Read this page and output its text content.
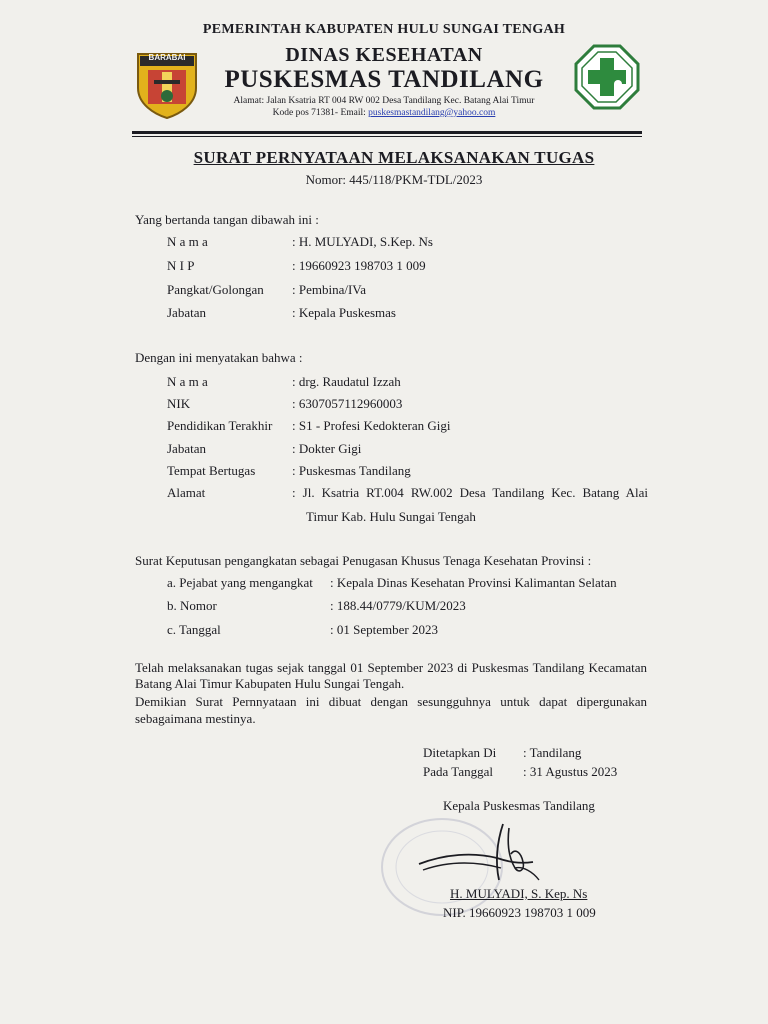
BARABAI
PEMERINTAH KABUPATEN HULU SUNGAI TENGAH
DINAS KESEHATAN
PUSKESMAS TANDILANG
Alamat: Jalan Ksatria RT 004 RW 002 Desa Tandilang Kec. Batang Alai Timur
Kode pos 71381- Email: puskesmastandilang@yahoo.com
SURAT PERNYATAAN MELAKSANAKAN TUGAS
Nomor: 445/118/PKM-TDL/2023
Yang bertanda tangan dibawah ini :
N a m a	: H. MULYADI, S.Kep. Ns
N I P	: 19660923 198703 1 009
Pangkat/Golongan : Pembina/IVa
Jabatan	: Kepala Puskesmas
Dengan ini menyatakan bahwa :
N a m a	: drg. Raudatul Izzah
NIK	: 6307057112960003
Pendidikan Terakhir : S1 - Profesi Kedokteran Gigi
Jabatan	: Dokter Gigi
Tempat Bertugas	: Puskesmas Tandilang
Alamat	: Jl. Ksatria RT.004 RW.002 Desa Tandilang Kec. Batang Alai
Timur Kab. Hulu Sungai Tengah
Surat Keputusan pengangkatan sebagai Penugasan Khusus Tenaga Kesehatan Provinsi :
a. Pejabat yang mengangkat : Kepala Dinas Kesehatan Provinsi Kalimantan Selatan
b. Nomor	: 188.44/0779/KUM/2023
c. Tanggal	: 01 September 2023
Telah melaksanakan tugas sejak tanggal 01 September 2023 di Puskesmas Tandilang Kecamatan
Batang Alai Timur Kabupaten Hulu Sungai Tengah.
Demikian Surat Pernnyataan ini dibuat dengan sesungguhnya untuk dapat dipergunakan
sebagaimana mestinya.
Ditetapkan Di : Tandilang
Pada Tanggal : 31 Agustus 2023
Kepala Puskesmas Tandilang
H. MULYADI, S. Kep. Ns
NIP. 19660923 198703 1 009
